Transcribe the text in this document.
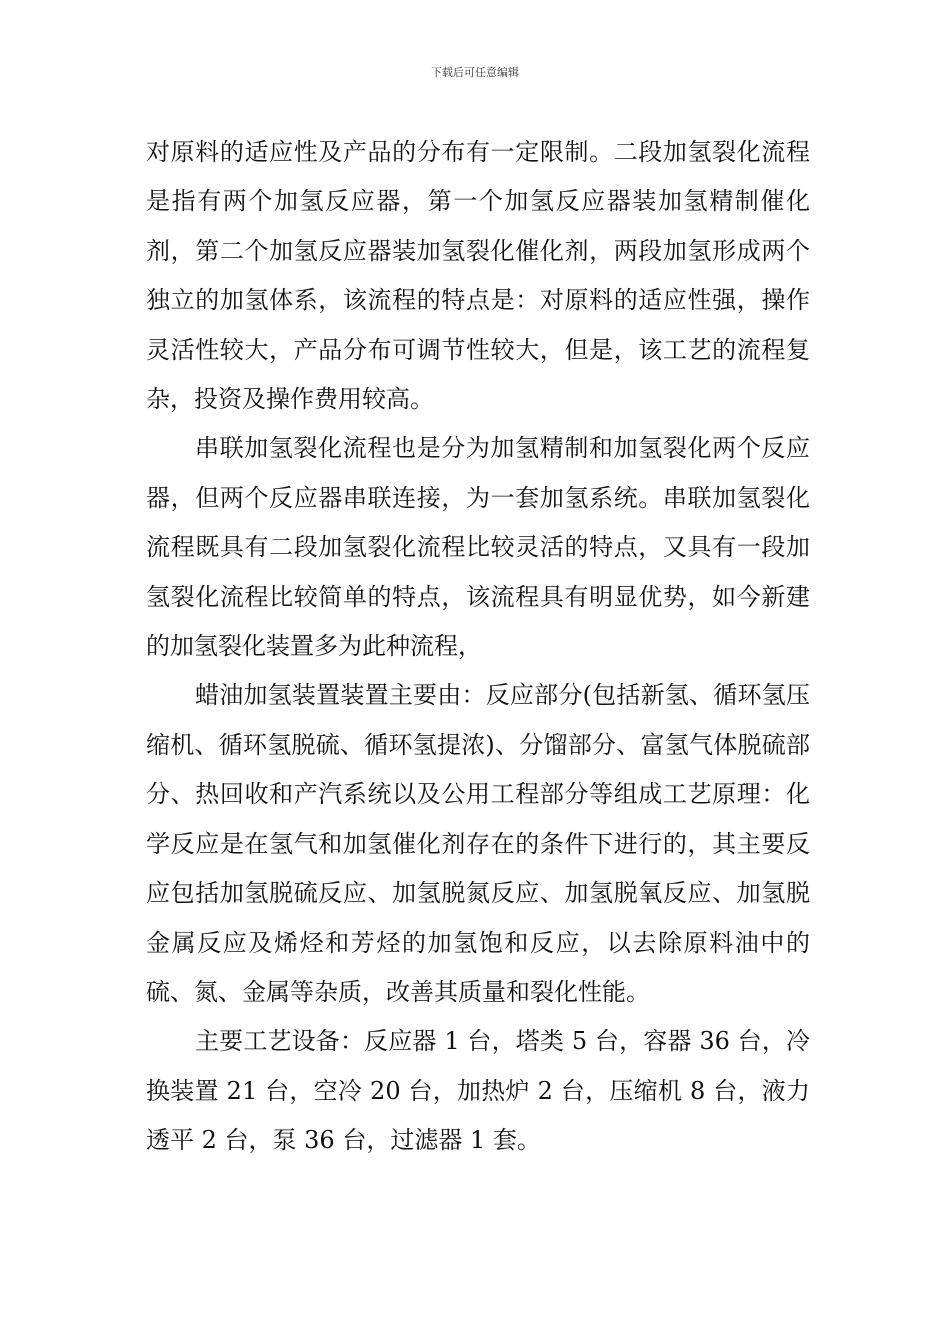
下载后可任意编辑

对原料的适应性及产品的分布有一定限制。二段加氢裂化流程是指有两个加氢反应器，第一个加氢反应器装加氢精制催化剂，第二个加氢反应器装加氢裂化催化剂，两段加氢形成两个独立的加氢体系，该流程的特点是：对原料的适应性强，操作灵活性较大，产品分布可调节性较大，但是，该工艺的流程复杂，投资及操作费用较高。

串联加氢裂化流程也是分为加氢精制和加氢裂化两个反应器，但两个反应器串联连接，为一套加氢系统。串联加氢裂化流程既具有二段加氢裂化流程比较灵活的特点，又具有一段加氢裂化流程比较简单的特点，该流程具有明显优势，如今新建的加氢裂化装置多为此种流程，

蜡油加氢装置装置主要由：反应部分(包括新氢、循环氢压缩机、循环氢脱硫、循环氢提浓)、分馏部分、富氢气体脱硫部分、热回收和产汽系统以及公用工程部分等组成工艺原理：化学反应是在氢气和加氢催化剂存在的条件下进行的，其主要反应包括加氢脱硫反应、加氢脱氮反应、加氢脱氧反应、加氢脱金属反应及烯烃和芳烃的加氢饱和反应，以去除原料油中的硫、氮、金属等杂质，改善其质量和裂化性能。

主要工艺设备：反应器 1 台，塔类 5 台，容器 36 台，冷换装置 21 台，空冷 20 台，加热炉 2 台，压缩机 8 台，液力透平 2 台，泵 36 台，过滤器 1 套。
